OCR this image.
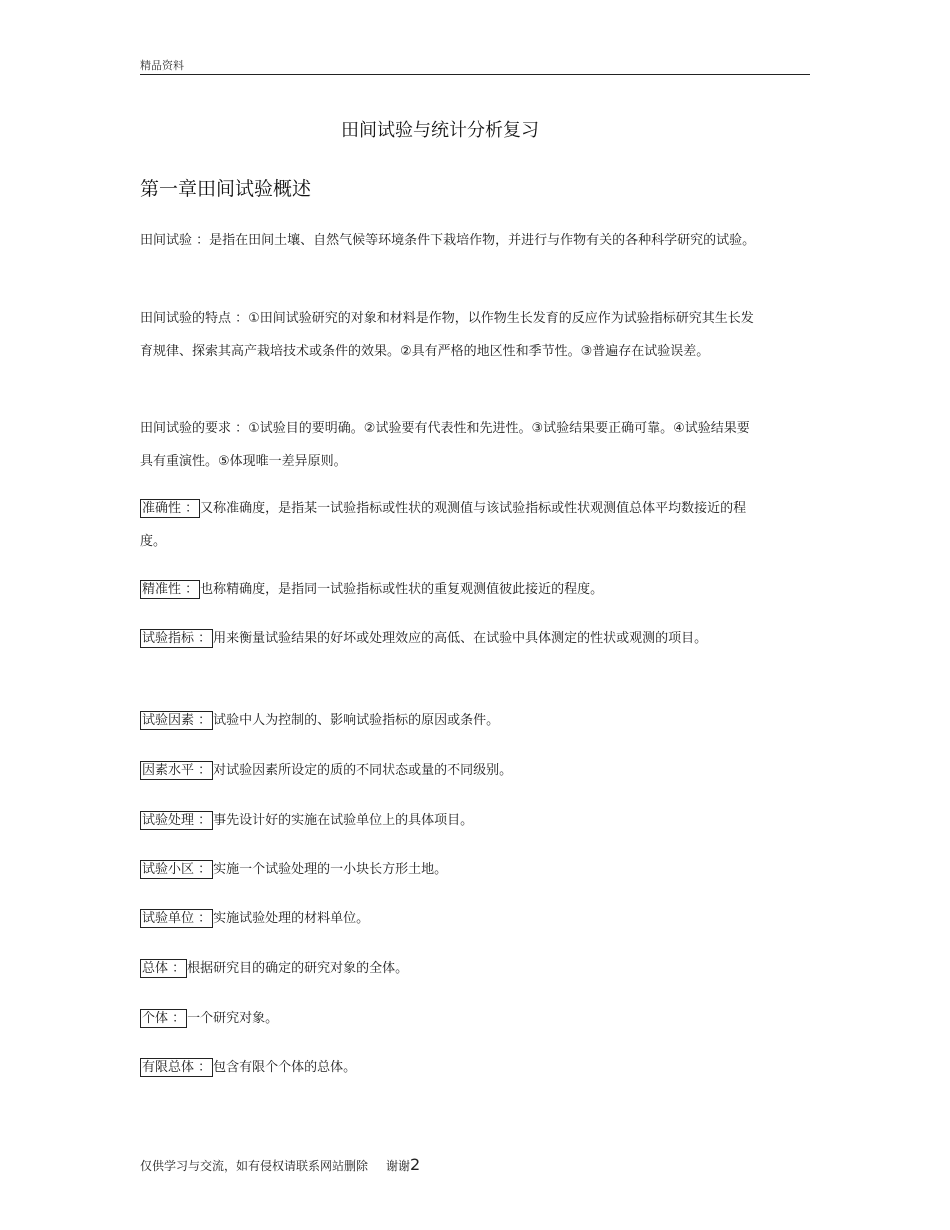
精品资料
田间试验与统计分析复习
第一章田间试验概述
田间试验 ：是指在田间土壤、自然气候等环境条件下栽培作物，并进行与作物有关的各种科学研究的试验。
田间试验的特点 ：①田间试验研究的对象和材料是作物，以作物生长发育的反应作为试验指标研究其生长发育规律、探索其高产栽培技术或条件的效果。②具有严格的地区性和季节性。③普遍存在试验误差。
田间试验的要求 ：①试验目的要明确。②试验要有代表性和先进性。③试验结果要正确可靠。④试验结果要具有重演性。⑤体现唯一差异原则。
准确性 ： 又称准确度，是指某一试验指标或性状的观测值与该试验指标或性状观测值总体平均数接近的程度。
精准性 ： 也称精确度，是指同一试验指标或性状的重复观测值彼此接近的程度。
试验指标 ： 用来衡量试验结果的好坏或处理效应的高低、在试验中具体测定的性状或观测的项目。
试验因素 ： 试验中人为控制的、影响试验指标的原因或条件。
因素水平 ： 对试验因素所设定的质的不同状态或量的不同级别。
试验处理 ： 事先设计好的实施在试验单位上的具体项目。
试验小区 ： 实施一个试验处理的一小块长方形土地。
试验单位 ： 实施试验处理的材料单位。
总体 ： 根据研究目的确定的研究对象的全体。
个体 ： 一个研究对象。
有限总体 ： 包含有限个个体的总体。
仅供学习与交流，如有侵权请联系网站删除 谢谢2
